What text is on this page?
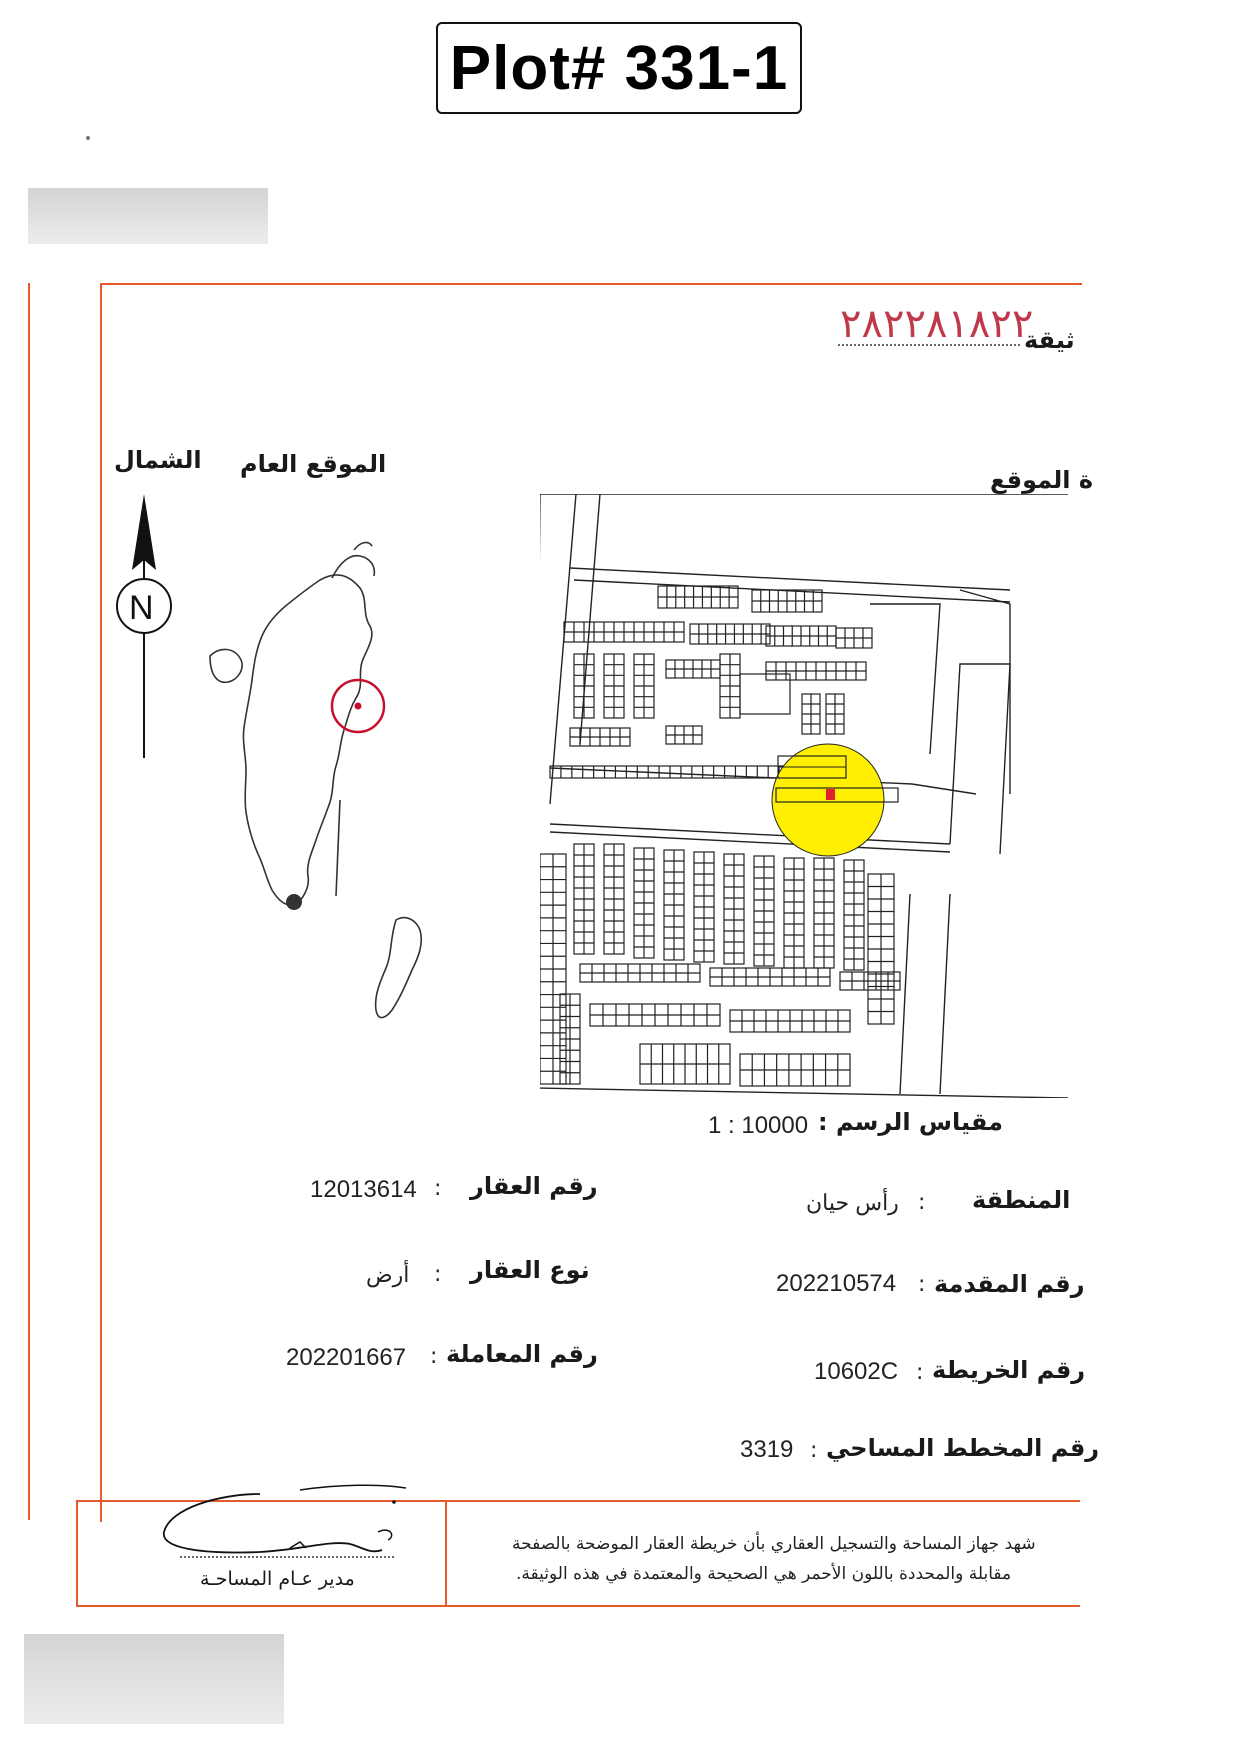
Plot# 331-1
٢٨٢٢٨١٨٢٢
ثيقة
ة الموقع
الموقع العام
الشمال
N
مقياس الرسم :
1 : 10000
رقم العقار
:
12013614	المنطقة
:
رأس حيان
نوع العقار
:
أرض	رقم المقدمة
:
202210574
رقم المعاملة
:
202201667	رقم الخريطة
:
10602C
رقم المخطط المساحي
:
3319
شهد جهاز المساحة والتسجيل العقاري بأن خريطة العقار الموضحة بالصفحة
مقابلة والمحددة باللون الأحمر هي الصحيحة والمعتمدة في هذه الوثيقة.
مدير عـام المساحـة
